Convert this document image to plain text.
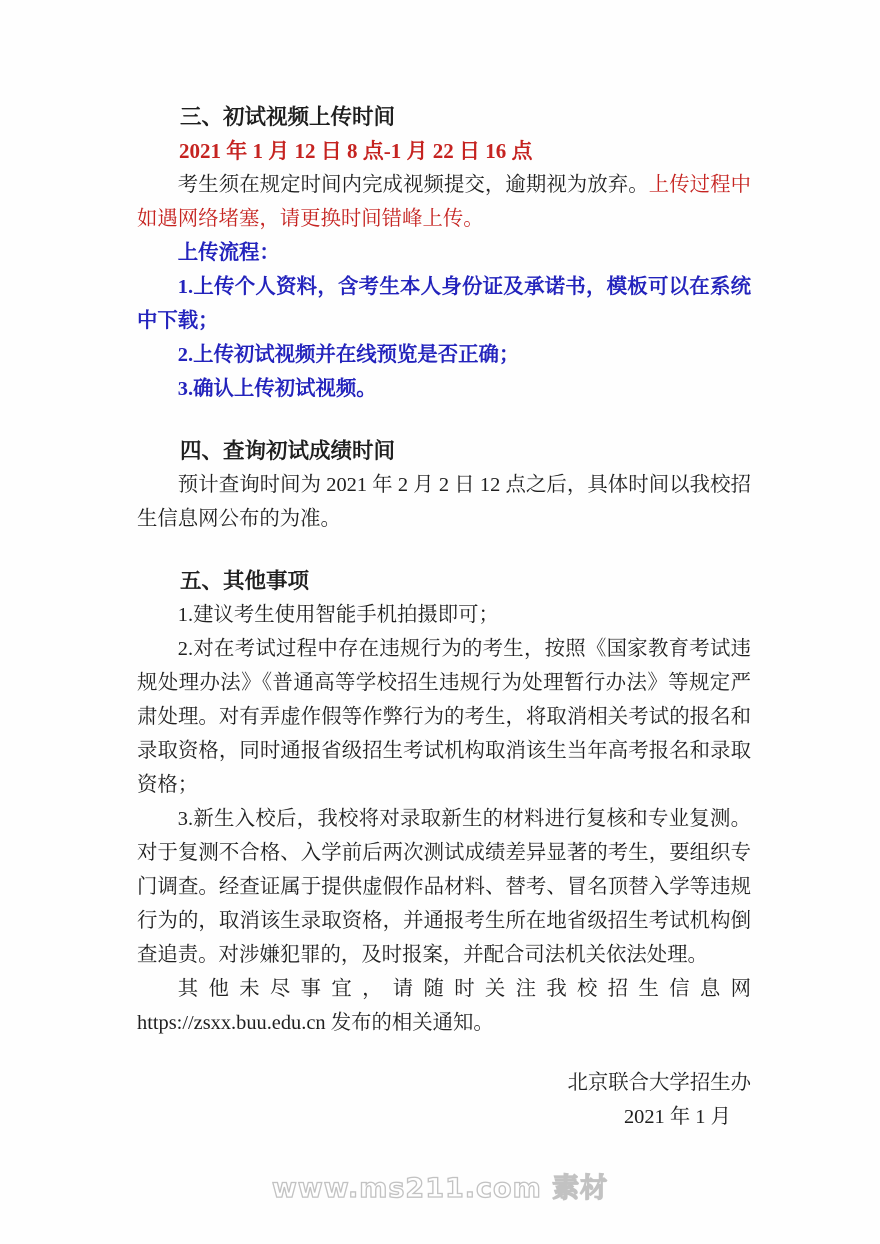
三、初试视频上传时间

2021 年 1 月 12 日 8 点-1 月 22 日 16 点

考生须在规定时间内完成视频提交，逾期视为放弃。上传过程中如遇网络堵塞，请更换时间错峰上传。

上传流程：

1.上传个人资料，含考生本人身份证及承诺书，模板可以在系统中下载；

2.上传初试视频并在线预览是否正确；

3.确认上传初试视频。

四、查询初试成绩时间

预计查询时间为 2021 年 2 月 2 日 12 点之后，具体时间以我校招生信息网公布的为准。

五、其他事项

1.建议考生使用智能手机拍摄即可；

2.对在考试过程中存在违规行为的考生，按照《国家教育考试违规处理办法》《普通高等学校招生违规行为处理暂行办法》等规定严肃处理。对有弄虚作假等作弊行为的考生，将取消相关考试的报名和录取资格，同时通报省级招生考试机构取消该生当年高考报名和录取资格；

3.新生入校后，我校将对录取新生的材料进行复核和专业复测。对于复测不合格、入学前后两次测试成绩差异显著的考生，要组织专门调查。经查证属于提供虚假作品材料、替考、冒名顶替入学等违规行为的，取消该生录取资格，并通报考生所在地省级招生考试机构倒查追责。对涉嫌犯罪的，及时报案，并配合司法机关依法处理。

其他未尽事宜，请随时关注我校招生信息网 https://zsxx.buu.edu.cn 发布的相关通知。

北京联合大学招生办

2021 年 1 月

www.ms211.com 素材
